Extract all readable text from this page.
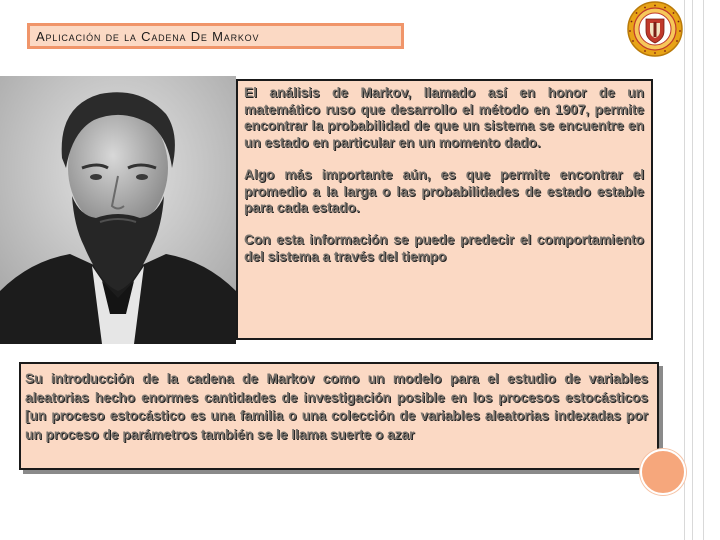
Aplicación de la Cadena De Markov

El análisis de Markov, llamado así en honor de un matemático ruso que desarrollo el método en 1907, permite encontrar la probabilidad de que un sistema se encuentre en un estado en particular en un momento dado.

Algo más importante aún, es que permite encontrar el promedio a la larga o las probabilidades de estado estable para cada estado.

Con esta información se puede predecir el comportamiento del sistema a través del tiempo

Su introducción de la cadena de Markov como un modelo para el estudio de variables aleatorias hecho enormes cantidades de investigación posible en los procesos estocásticos [un proceso estocástico es una familia o una colección de variables aleatorias indexadas por un proceso de parámetros también se le llama suerte o azar
